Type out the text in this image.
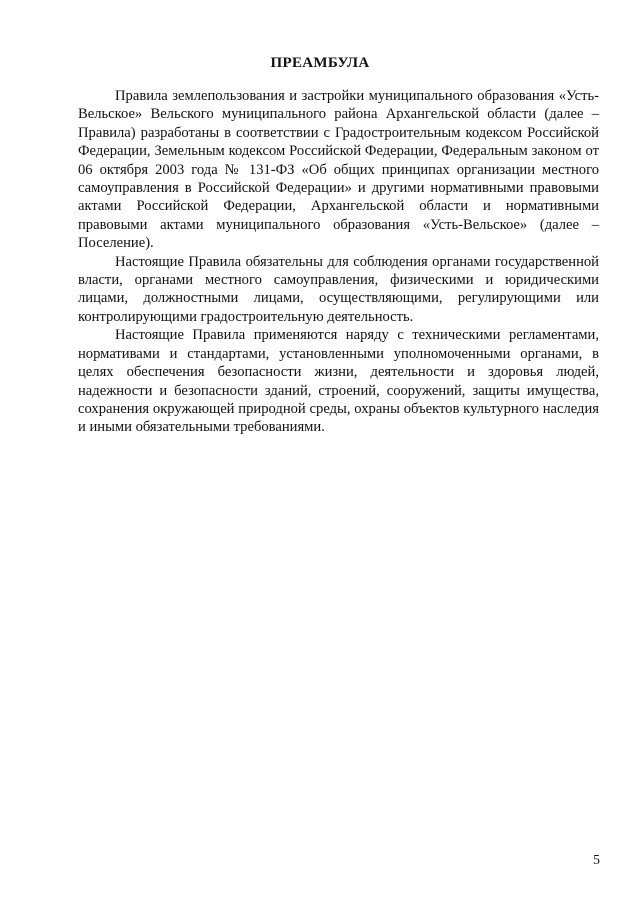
ПРЕАМБУЛА

Правила землепользования и застройки муниципального образования «Усть-Вельское» Вельского муниципального района Архангельской области (далее – Правила) разработаны в соответствии с Градостроительным кодексом Российской Федерации, Земельным кодексом Российской Федерации, Федеральным законом от 06 октября 2003 года № 131-ФЗ «Об общих принципах организации местного самоуправления в Российской Федерации» и другими нормативными правовыми актами Российской Федерации, Архангельской области и нормативными правовыми актами муниципального образования «Усть-Вельское» (далее – Поселение).

Настоящие Правила обязательны для соблюдения органами государственной власти, органами местного самоуправления, физическими и юридическими лицами, должностными лицами, осуществляющими, регулирующими или контролирующими градостроительную деятельность.

Настоящие Правила применяются наряду с техническими регламентами, нормативами и стандартами, установленными уполномоченными органами, в целях обеспечения безопасности жизни, деятельности и здоровья людей, надежности и безопасности зданий, строений, сооружений, защиты имущества, сохранения окружающей природной среды, охраны объектов культурного наследия и иными обязательными требованиями.

5
